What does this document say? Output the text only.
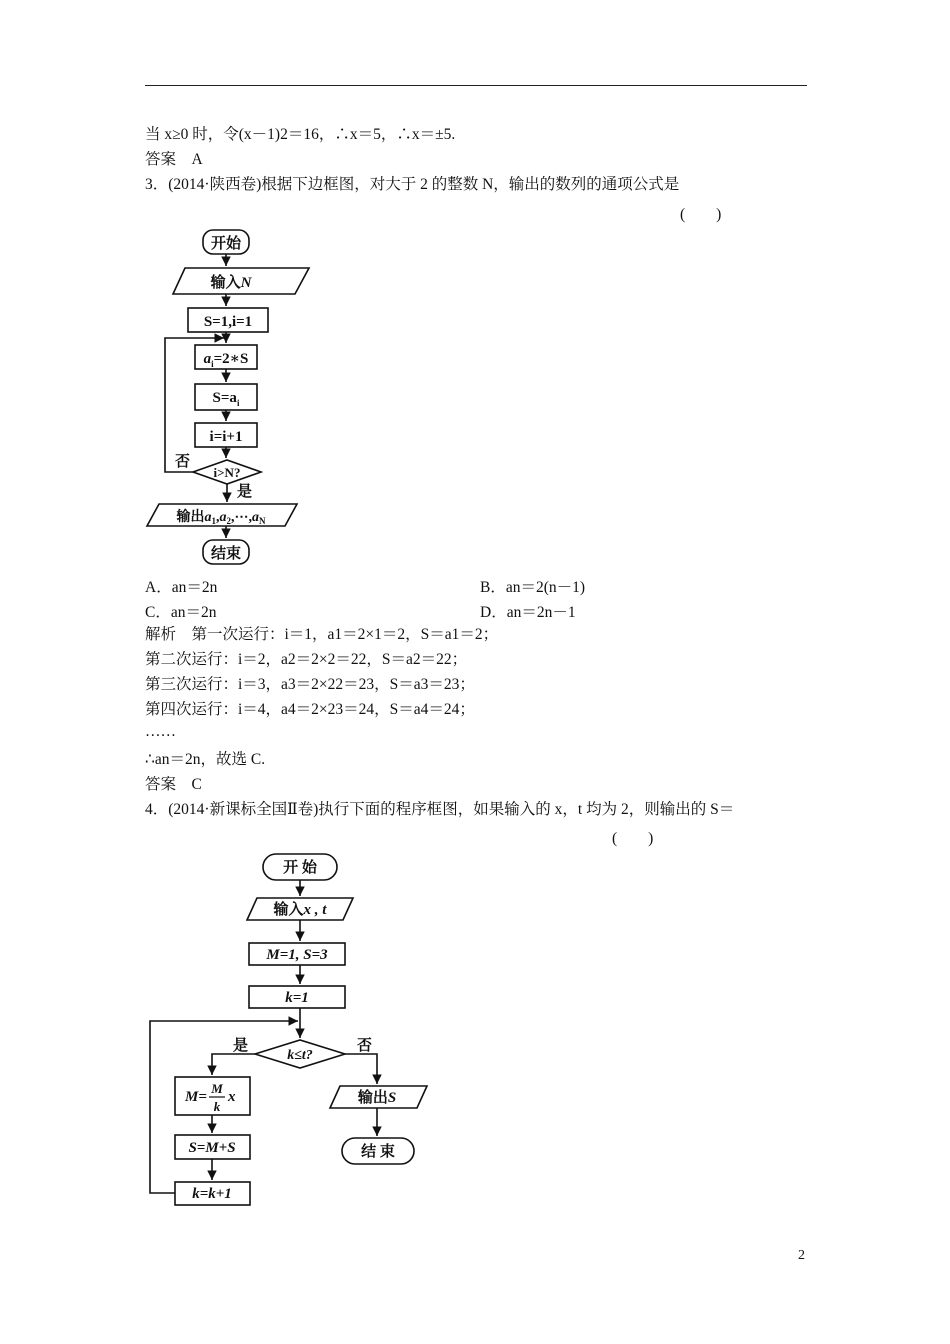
当 x≥0 时，令(x－1)2＝16，∴x＝5，∴x＝±5.
答案　A
3．(2014·陕西卷)根据下边框图，对大于 2 的整数 N，输出的数列的通项公式是
(　　)
开始
输入N
S=1,i=1
$a_i=2∗S$
$S=a_i$
i=i+1
i>N?
否
是
输出$a_1,a_2,\cdots,a_N$
结束
A．an＝2n	B．an＝2(n－1)
C．an＝2n	D．an＝2n－1
解析　第一次运行：i＝1，a1＝2×1＝2，S＝a1＝2；
第二次运行：i＝2，a2＝2×2＝22，S＝a2＝22；
第三次运行：i＝3，a3＝2×22＝23，S＝a3＝23；
第四次运行：i＝4，a4＝2×23＝24，S＝a4＝24；
……
∴an＝2n，故选 C.
答案　C
4．(2014·新课标全国Ⅱ卷)执行下面的程序框图，如果输入的 x，t 均为 2，则输出的 S＝
(　　)
开 始
输入x , t
M=1, S=3
k=1
k≤t?
是	否
M=
M
k
x
S=M+S
k=k+1
输出S
结 束
2
